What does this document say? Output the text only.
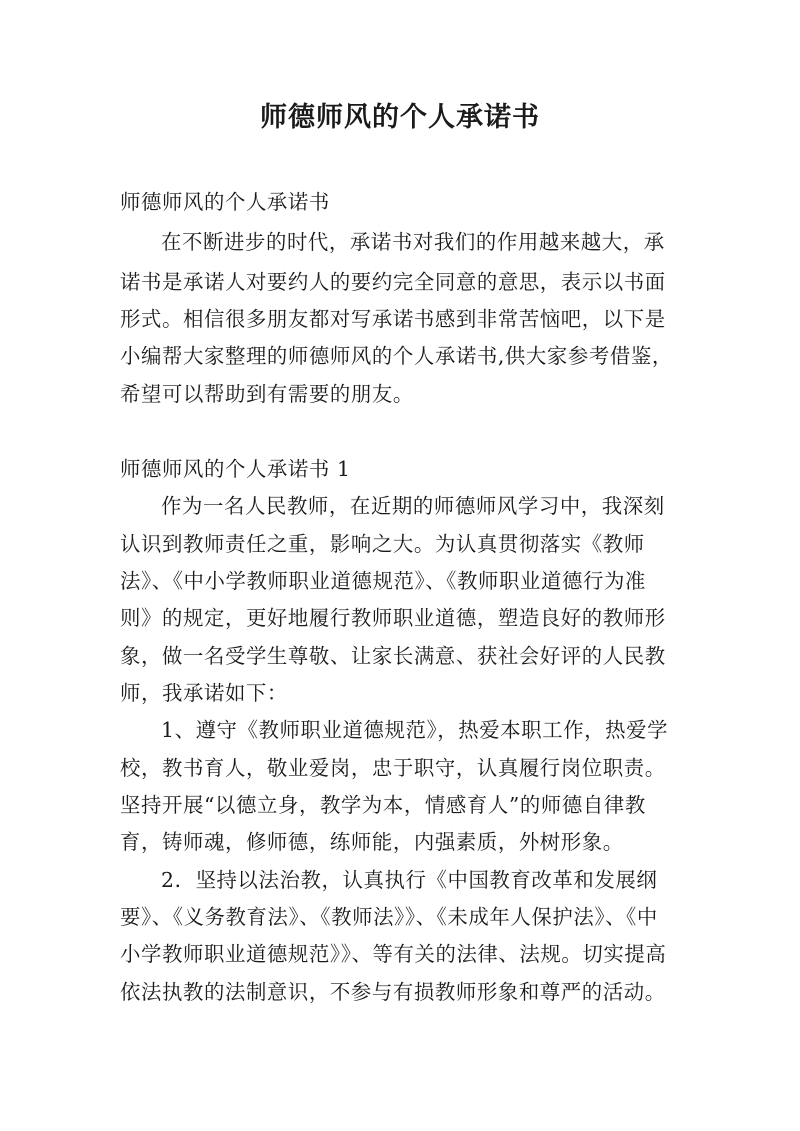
师德师风的个人承诺书
师德师风的个人承诺书
在不断进步的时代，承诺书对我们的作用越来越大，承
诺书是承诺人对要约人的要约完全同意的意思，表示以书面
形式。相信很多朋友都对写承诺书感到非常苦恼吧，以下是
小编帮大家整理的师德师风的个人承诺书,供大家参考借鉴，
希望可以帮助到有需要的朋友。
师德师风的个人承诺书 1
作为一名人民教师，在近期的师德师风学习中，我深刻
认识到教师责任之重，影响之大。为认真贯彻落实《教师
法》、《中小学教师职业道德规范》、《教师职业道德行为准
则》的规定，更好地履行教师职业道德，塑造良好的教师形
象，做一名受学生尊敬、让家长满意、获社会好评的人民教
师，我承诺如下：
1、遵守《教师职业道德规范》，热爱本职工作，热爱学
校，教书育人，敬业爱岗，忠于职守，认真履行岗位职责。
坚持开展“以德立身，教学为本，情感育人”的师德自律教
育，铸师魂，修师德，练师能，内强素质，外树形象。
2．坚持以法治教，认真执行《中国教育改革和发展纲
要》、《义务教育法》、《教师法》》、《未成年人保护法》、《中
小学教师职业道德规范》》、等有关的法律、法规。切实提高
依法执教的法制意识，不参与有损教师形象和尊严的活动。
